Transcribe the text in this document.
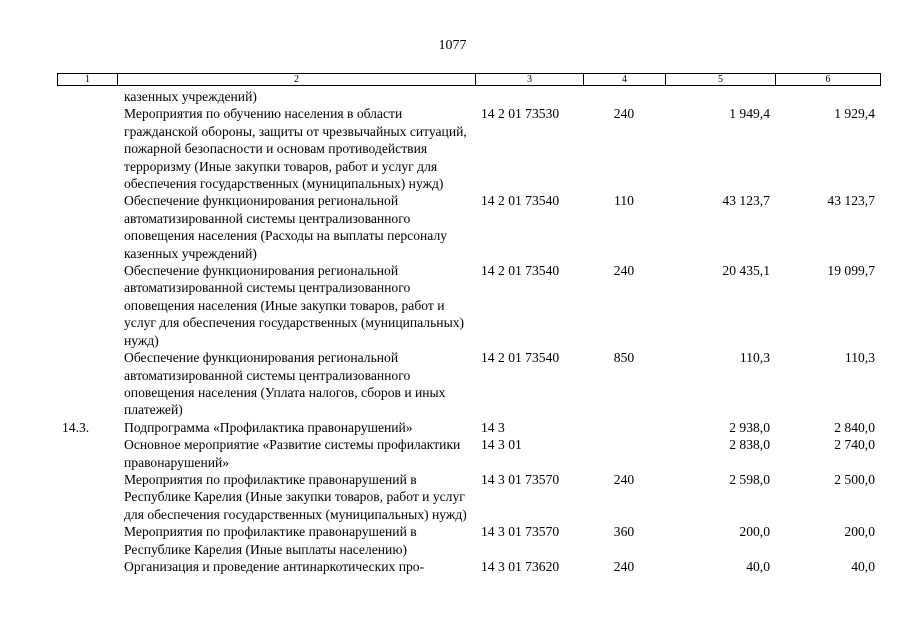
1077
1	2	3	4	5	6
	казенных учреждений)				
	Мероприятия по обучению населения в области гражданской обороны, защиты от чрезвычайных ситуаций, пожарной безопасности и основам противодействия терроризму (Иные закупки товаров, работ и услуг для обеспечения государственных (муниципальных) нужд)	14 2 01 73530	240	1 949,4	1 929,4
	Обеспечение функционирования региональной автоматизированной системы централизованного оповещения населения (Расходы на выплаты персоналу казенных учреждений)	14 2 01 73540	110	43 123,7	43 123,7
	Обеспечение функционирования региональной автоматизированной системы централизованного оповещения населения (Иные закупки товаров, работ и услуг для обеспечения государственных (муниципальных) нужд)	14 2 01 73540	240	20 435,1	19 099,7
	Обеспечение функционирования региональной автоматизированной системы централизованного оповещения населения (Уплата налогов, сборов и иных платежей)	14 2 01 73540	850	110,3	110,3
14.3.	Подпрограмма «Профилактика правонарушений»	14 3		2 938,0	2 840,0
	Основное мероприятие «Развитие системы профилактики правонарушений»	14 3 01		2 838,0	2 740,0
	Мероприятия по профилактике правонарушений в Республике Карелия (Иные закупки товаров, работ и услуг для обеспечения государственных (муниципальных) нужд)	14 3 01 73570	240	2 598,0	2 500,0
	Мероприятия по профилактике правонарушений в Республике Карелия (Иные выплаты населению)	14 3 01 73570	360	200,0	200,0
	Организация и проведение антинаркотических про-	14 3 01 73620	240	40,0	40,0
